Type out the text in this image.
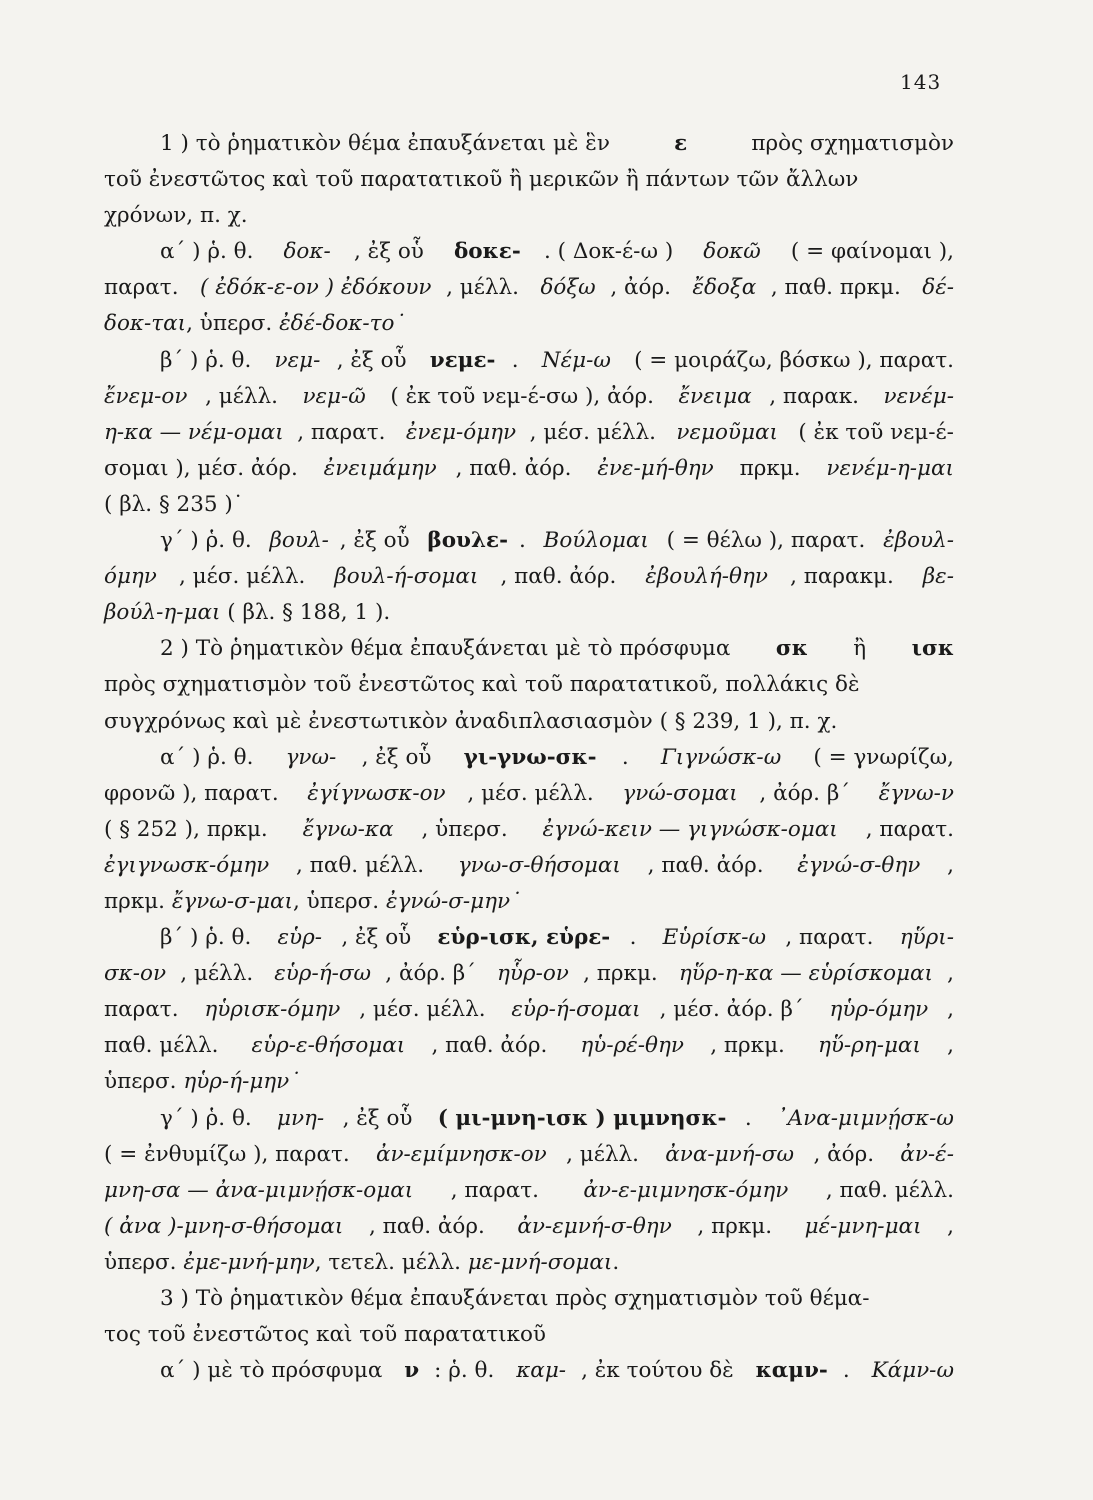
143
1 ) τὸ ῥηματικὸν θέμα ἐπαυξάνεται μὲ ἓν	ε	πρὸς σχηματισμὸν
τοῦ ἐνεστῶτος καὶ τοῦ παρατατικοῦ ἢ μερικῶν ἢ πάντων τῶν ἄλλων
χρόνων, π. χ.
α΄ ) ῥ. θ. δοκ- , ἐξ οὗ δοκε- . ( Δοκ-έ-ω ) δοκῶ ( = φαίνομαι ),
παρατ. ( ἐδόκ-ε-ον ) ἐδόκουν , μέλλ. δόξω , ἀόρ. ἔδοξα , παθ. πρκμ. δέ-
δοκ-ται , ὑπερσ. ἐδέ-δοκ-το˙
β΄ ) ῥ. θ. νεμ- , ἐξ οὗ νεμε- . Νέμ-ω ( = μοιράζω, βόσκω ), παρατ.
ἔνεμ-ον , μέλλ. νεμ-ῶ ( ἐκ τοῦ νεμ-έ-σω ), ἀόρ. ἔνειμα , παρακ. νενέμ-
η-κα — νέμ-ομαι , παρατ. ἐνεμ-όμην , μέσ. μέλλ. νεμοῦμαι ( ἐκ τοῦ νεμ-έ-
σομαι ), μέσ. ἀόρ. ἐνειμάμην , παθ. ἀόρ. ἐνε-μή-θην πρκμ. νενέμ-η-μαι
( βλ. § 235 )˙
γ΄ ) ῥ. θ. βουλ- , ἐξ οὗ βουλε- . Βούλομαι ( = θέλω ), παρατ. ἐβουλ-
όμην , μέσ. μέλλ. βουλ-ή-σομαι , παθ. ἀόρ. ἐβουλή-θην , παρακμ. βε-
βούλ-η-μαι ( βλ. § 188, 1 ).
2 ) Τὸ ῥηματικὸν θέμα ἐπαυξάνεται μὲ τὸ πρόσφυμα σκ ἢ ισκ
πρὸς σχηματισμὸν τοῦ ἐνεστῶτος καὶ τοῦ παρατατικοῦ, πολλάκις δὲ
συγχρόνως καὶ μὲ ἐνεστωτικὸν ἀναδιπλασιασμὸν ( § 239, 1 ), π. χ.
α΄ ) ῥ. θ. γνω- , ἐξ οὗ γι-γνω-σκ- . Γιγνώσκ-ω ( = γνωρίζω,
φρονῶ ), παρατ. ἐγίγνωσκ-ον , μέσ. μέλλ. γνώ-σομαι , ἀόρ. β΄ ἔγνω-ν
( § 252 ), πρκμ. ἔγνω-κα , ὑπερσ. ἐγνώ-κειν — γιγνώσκ-ομαι , παρατ.
ἐγιγνωσκ-όμην , παθ. μέλλ. γνω-σ-θήσομαι , παθ. ἀόρ. ἐγνώ-σ-θην ,
πρκμ. ἔγνω-σ-μαι , ὑπερσ. ἐγνώ-σ-μην˙
β΄ ) ῥ. θ. εὑρ- , ἐξ οὗ εὑρ-ισκ, εὑρε- . Εὑρίσκ-ω , παρατ. ηὕρι-
σκ-ον , μέλλ. εὑρ-ή-σω , ἀόρ. β΄ ηὗρ-ον , πρκμ. ηὕρ-η-κα — εὑρίσκομαι ,
παρατ. ηὑρισκ-όμην , μέσ. μέλλ. εὑρ-ή-σομαι , μέσ. ἀόρ. β΄ ηὑρ-όμην ,
παθ. μέλλ. εὑρ-ε-θήσομαι , παθ. ἀόρ. ηὑ-ρέ-θην , πρκμ. ηὕ-ρη-μαι ,
ὑπερσ. ηὑρ-ή-μην˙
γ΄ ) ῥ. θ. μνη- , ἐξ οὗ ( μι-μνη-ισκ ) μιμνησκ- . ᾿Ανα-μιμνῄσκ-ω
( = ἐνθυμίζω ), παρατ. ἀν-εμίμνησκ-ον , μέλλ. ἀνα-μνή-σω , ἀόρ. ἀν-έ-
μνη-σα — ἀνα-μιμνῄσκ-ομαι , παρατ. ἀν-ε-μιμνησκ-όμην , παθ. μέλλ.
( ἀνα )-μνη-σ-θήσομαι , παθ. ἀόρ. ἀν-εμνή-σ-θην , πρκμ. μέ-μνη-μαι ,
ὑπερσ. ἐμε-μνή-μην , τετελ. μέλλ. με-μνή-σομαι .
3 ) Τὸ ῥηματικὸν θέμα ἐπαυξάνεται πρὸς σχηματισμὸν τοῦ θέμα-
τος τοῦ ἐνεστῶτος καὶ τοῦ παρατατικοῦ
α΄ ) μὲ τὸ πρόσφυμα ν : ῥ. θ. καμ- , ἐκ τούτου δὲ καμν- . Κάμν-ω
